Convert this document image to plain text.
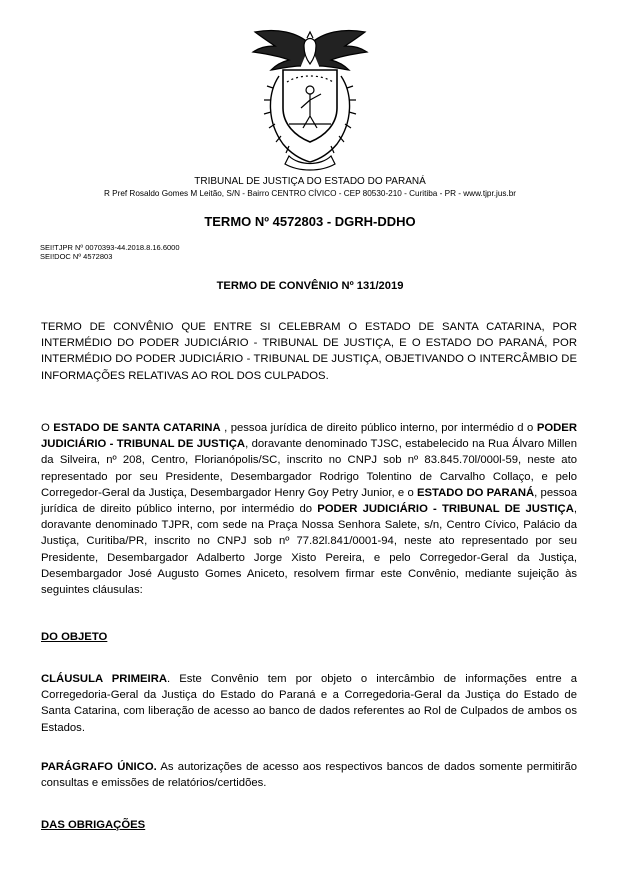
TRIBUNAL DE JUSTIÇA DO ESTADO DO PARANÁ
R Pref Rosaldo Gomes M Leitão, S/N - Bairro CENTRO CÍVICO - CEP 80530-210 - Curitiba - PR - www.tjpr.jus.br
TERMO Nº 4572803 - DGRH-DDHO
SEI!TJPR Nº 0070393-44.2018.8.16.6000
SEI!DOC Nº 4572803
TERMO DE CONVÊNIO Nº 131/2019
TERMO DE CONVÊNIO QUE ENTRE SI CELEBRAM O ESTADO DE SANTA CATARINA, POR INTERMÉDIO DO PODER JUDICIÁRIO - TRIBUNAL DE JUSTIÇA, E O ESTADO DO PARANÁ, POR INTERMÉDIO DO PODER JUDICIÁRIO - TRIBUNAL DE JUSTIÇA, OBJETIVANDO O INTERCÂMBIO DE INFORMAÇÕES RELATIVAS AO ROL DOS CULPADOS.
O ESTADO DE SANTA CATARINA , pessoa jurídica de direito público interno, por intermédio d o PODER JUDICIÁRIO - TRIBUNAL DE JUSTIÇA, doravante denominado TJSC, estabelecido na Rua Álvaro Millen da Silveira, nº 208, Centro, Florianópolis/SC, inscrito no CNPJ sob nº 83.845.70l/000l-59, neste ato representado por seu Presidente, Desembargador Rodrigo Tolentino de Carvalho Collaço, e pelo Corregedor-Geral da Justiça, Desembargador Henry Goy Petry Junior, e o ESTADO DO PARANÁ, pessoa jurídica de direito público interno, por intermédio do PODER JUDICIÁRIO - TRIBUNAL DE JUSTIÇA, doravante denominado TJPR, com sede na Praça Nossa Senhora Salete, s/n, Centro Cívico, Palácio da Justiça, Curitiba/PR, inscrito no CNPJ sob nº 77.82l.841/0001-94, neste ato representado por seu Presidente, Desembargador Adalberto Jorge Xisto Pereira, e pelo Corregedor-Geral da Justiça, Desembargador José Augusto Gomes Aniceto, resolvem firmar este Convênio, mediante sujeição às seguintes cláusulas:
DO OBJETO
CLÁUSULA PRIMEIRA. Este Convênio tem por objeto o intercâmbio de informações entre a Corregedoria-Geral da Justiça do Estado do Paraná e a Corregedoria-Geral da Justiça do Estado de Santa Catarina, com liberação de acesso ao banco de dados referentes ao Rol de Culpados de ambos os Estados.
PARÁGRAFO ÚNICO. As autorizações de acesso aos respectivos bancos de dados somente permitirão consultas e emissões de relatórios/certidões.
DAS OBRIGAÇÕES
